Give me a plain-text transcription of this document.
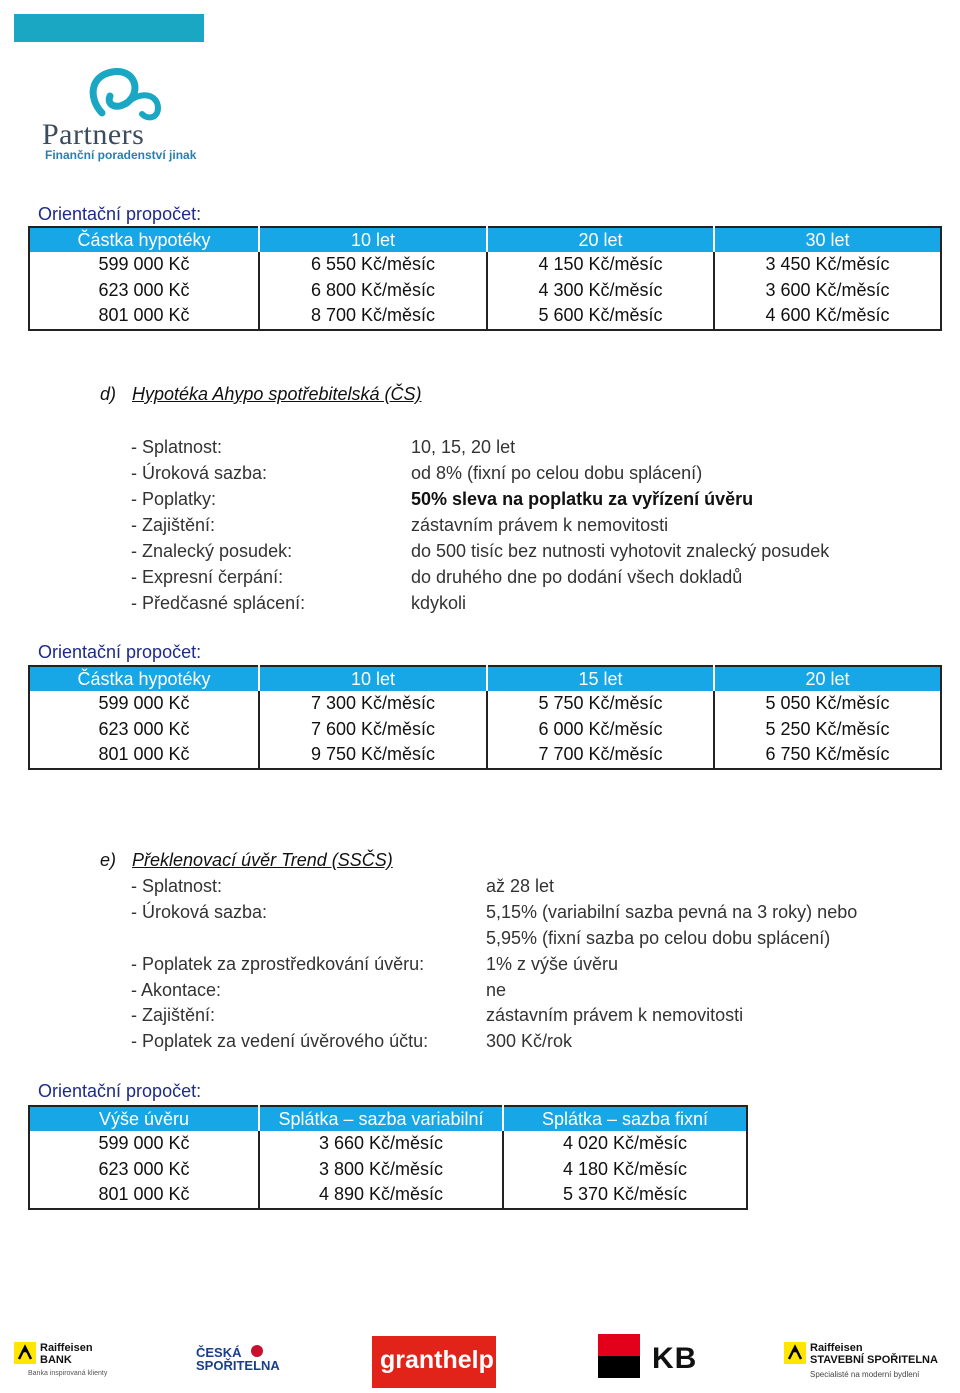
Partners
Finanční poradenství jinak
Orientační propočet:
Částka hypotéky	10 let	20 let	30 let
599 000 Kč	6 550 Kč/měsíc	4 150 Kč/měsíc	3 450 Kč/měsíc
623 000 Kč	6 800 Kč/měsíc	4 300 Kč/měsíc	3 600 Kč/měsíc
801 000 Kč	8 700 Kč/měsíc	5 600 Kč/měsíc	4 600 Kč/měsíc
d) Hypotéka Ahypo spotřebitelská (ČS)
- Splatnost:	10, 15, 20 let
- Úroková sazba:	od 8% (fixní po celou dobu splácení)
- Poplatky:	50% sleva na poplatku za vyřízení úvěru
- Zajištění:	zástavním právem k nemovitosti
- Znalecký posudek:	do 500 tisíc bez nutnosti vyhotovit znalecký posudek
- Expresní čerpání:	do druhého dne po dodání všech dokladů
- Předčasné splácení:	kdykoli
Orientační propočet:
Částka hypotéky	10 let	15 let	20 let
599 000 Kč	7 300 Kč/měsíc	5 750 Kč/měsíc	5 050 Kč/měsíc
623 000 Kč	7 600 Kč/měsíc	6 000 Kč/měsíc	5 250 Kč/měsíc
801 000 Kč	9 750 Kč/měsíc	7 700 Kč/měsíc	6 750 Kč/měsíc
e) Překlenovací úvěr Trend (SSČS)
- Splatnost:	až 28 let
- Úroková sazba:	5,15% (variabilní sazba pevná na 3 roky) nebo
5,95% (fixní sazba po celou dobu splácení)
- Poplatek za zprostředkování úvěru:	1% z výše úvěru
- Akontace:	ne
- Zajištění:	zástavním právem k nemovitosti
- Poplatek za vedení úvěrového účtu:	300 Kč/rok
Orientační propočet:
Výše úvěru	Splátka – sazba variabilní	Splátka – sazba fixní
599 000 Kč	3 660 Kč/měsíc	4 020 Kč/měsíc
623 000 Kč	3 800 Kč/měsíc	4 180 Kč/měsíc
801 000 Kč	4 890 Kč/měsíc	5 370 Kč/měsíc
Raiffeisen
BANK
Banka inspirovaná klienty
ČESKÁ
SPOŘITELNA	granthelp	KB	Raiffeisen
STAVEBNÍ SPOŘITELNA
Specialisté na moderní bydlení
